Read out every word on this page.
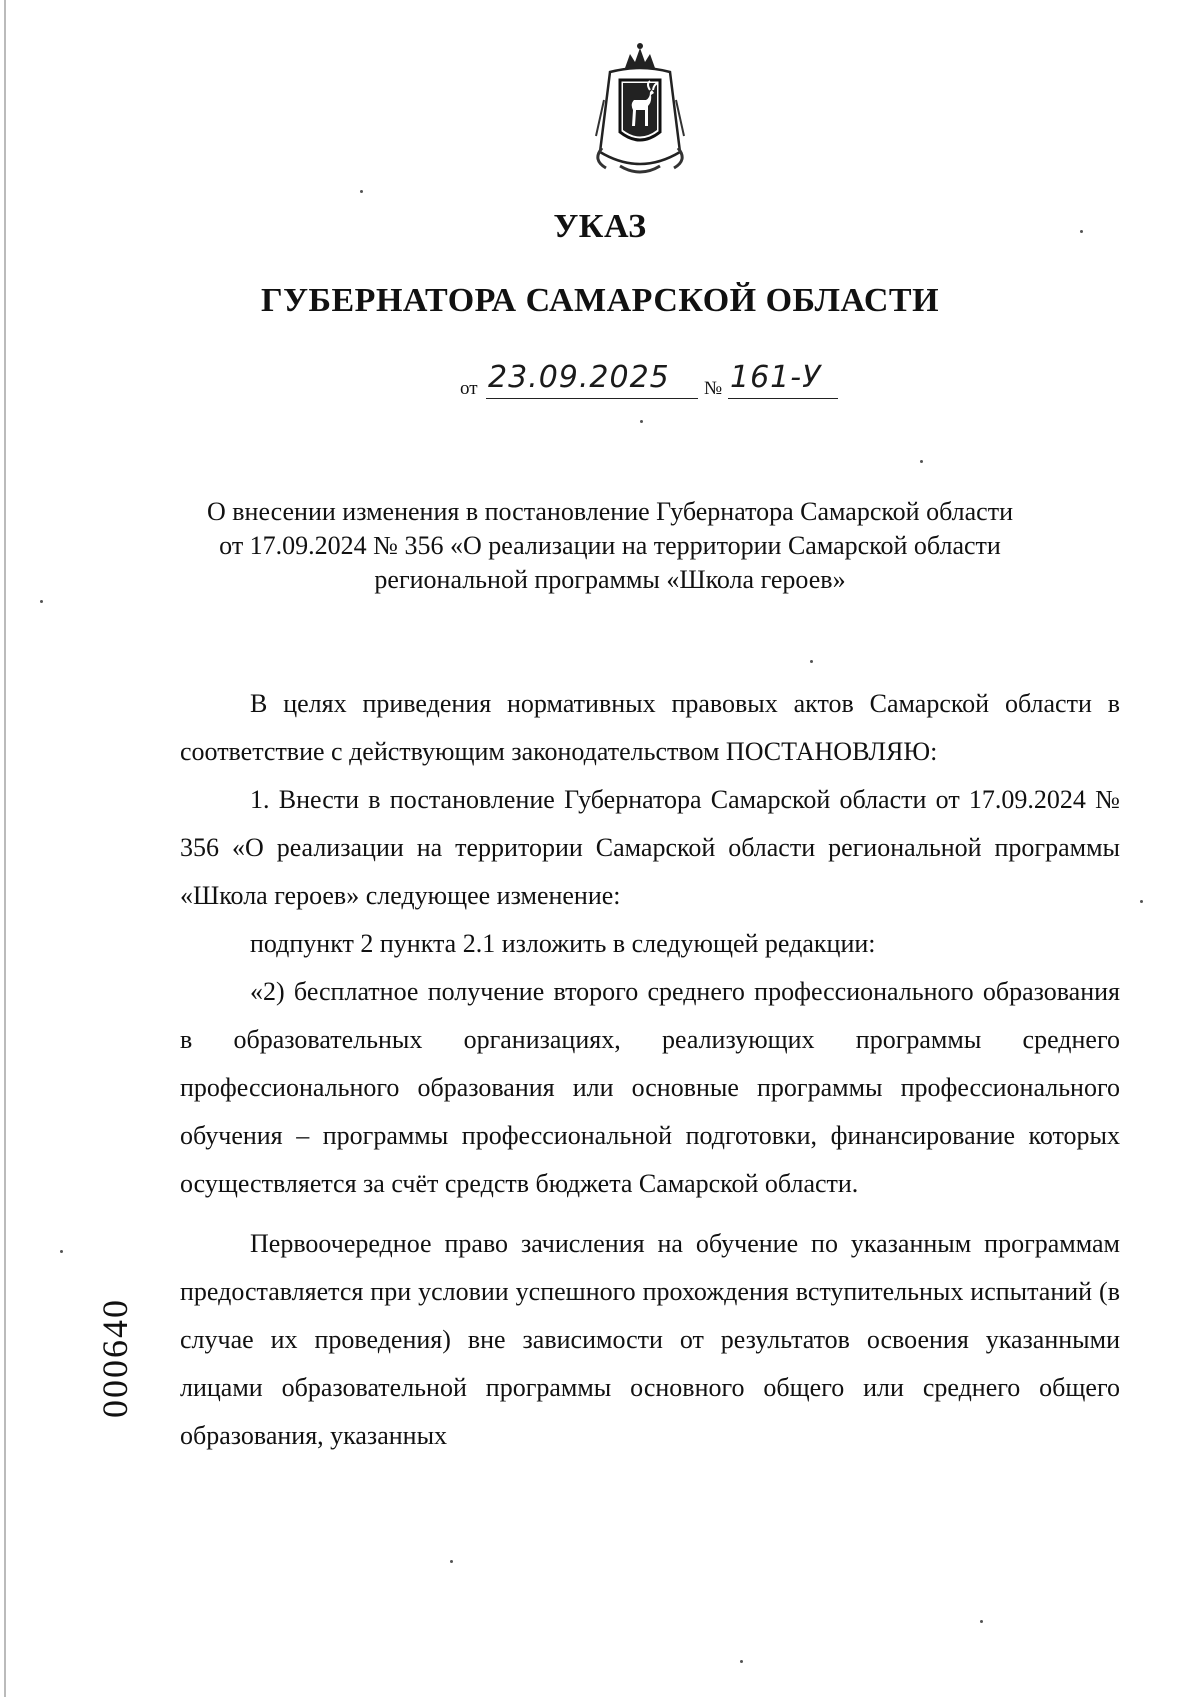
УКАЗ
ГУБЕРНАТОРА САМАРСКОЙ ОБЛАСТИ
от 23.09.2025 № 161-У
О внесении изменения в постановление Губернатора Самарской области
от 17.09.2024 № 356 «О реализации на территории Самарской области
региональной программы «Школа героев»

В целях приведения нормативных правовых актов Самарской области в соответствие с действующим законодательством ПОСТАНОВЛЯЮ:

1. Внести в постановление Губернатора Самарской области от 17.09.2024 № 356 «О реализации на территории Самарской области региональной программы «Школа героев» следующее изменение:

подпункт 2 пункта 2.1 изложить в следующей редакции:

«2) бесплатное получение второго среднего профессионального образования в образовательных организациях, реализующих программы среднего профессионального образования или основные программы профессионального обучения – программы профессиональной подготовки, финансирование которых осуществляется за счёт средств бюджета Самарской области.

Первоочередное право зачисления на обучение по указанным программам предоставляется при условии успешного прохождения вступительных испытаний (в случае их проведения) вне зависимости от результатов освоения указанными лицами образовательной программы основного общего или среднего общего образования, указанных

000640
